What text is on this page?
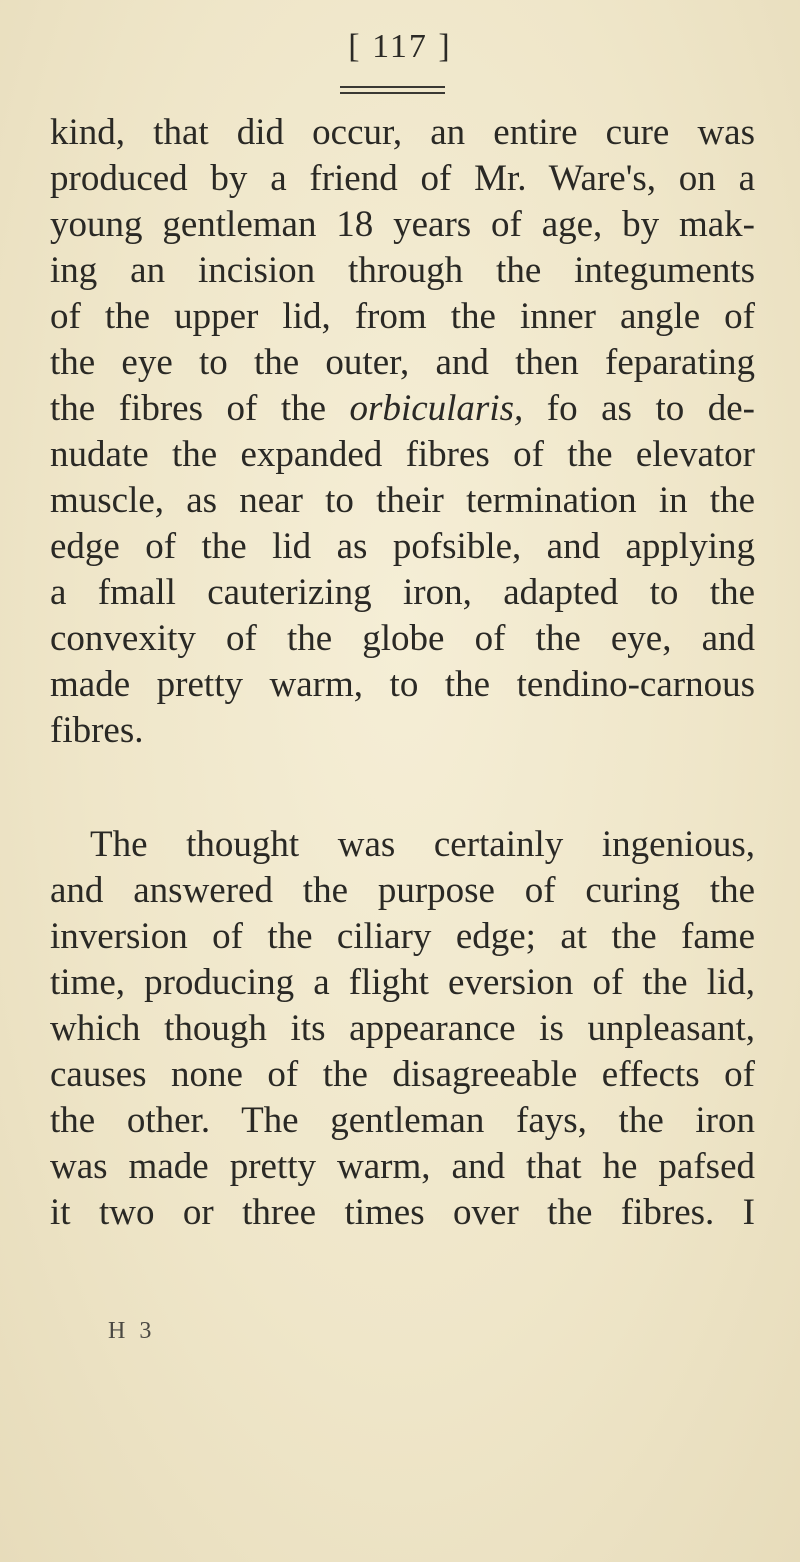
[ 117 ]
kind, that did occur, an entire cure was
produced by a friend of Mr. Ware's, on a
young gentleman 18 years of age, by mak-
ing an incision through the integuments
of the upper lid, from the inner angle of
the eye to the outer, and then feparating
the fibres of the orbicularis, fo as to de-
nudate the expanded fibres of the elevator
muscle, as near to their termination in the
edge of the lid as pofsible, and applying
a fmall cauterizing iron, adapted to the
convexity of the globe of the eye, and
made pretty warm, to the tendino-carnous
fibres.
The thought was certainly ingenious,
and answered the purpose of curing the
inversion of the ciliary edge; at the fame
time, producing a flight eversion of the lid,
which though its appearance is unpleasant,
causes none of the disagreeable effects of
the other. The gentleman fays, the iron
was made pretty warm, and that he pafsed
it two or three times over the fibres. I
H 3
